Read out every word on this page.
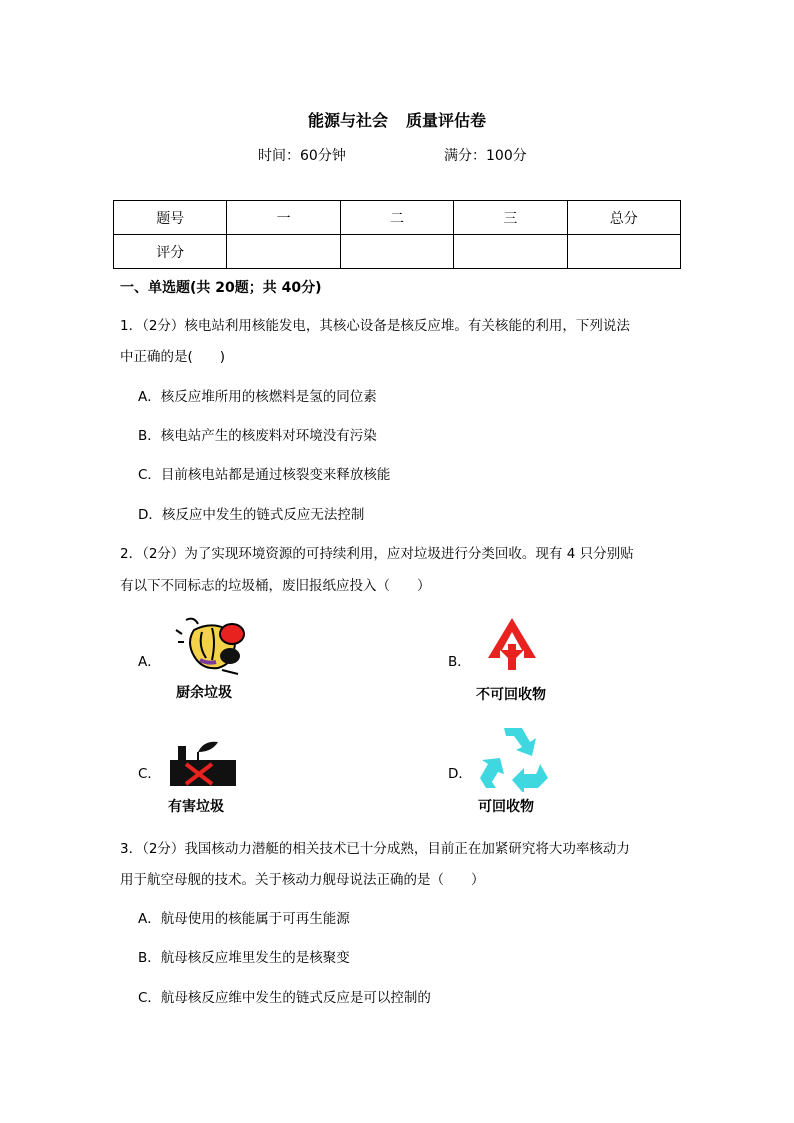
能源与社会 质量评估卷
时间：60分钟	满分：100分
题号	一	二	三	总分
评分				
一、单选题(共 20题；共 40分)
1．（2分）核电站利用核能发电，其核心设备是核反应堆。有关核能的利用，下列说法
中正确的是(　　)
A．核反应堆所用的核燃料是氢的同位素
B．核电站产生的核废料对环境没有污染
C．目前核电站都是通过核裂变来释放核能
D．核反应中发生的链式反应无法控制
2．（2分）为了实现环境资源的可持续利用，应对垃圾进行分类回收。现有 4 只分别贴
有以下不同标志的垃圾桶，废旧报纸应投入（　　）
A．
厨余垃圾
B．
不可回收物
C．
有害垃圾
D．
可回收物
3．（2分）我国核动力潜艇的相关技术已十分成熟，目前正在加紧研究将大功率核动力
用于航空母舰的技术。关于核动力舰母说法正确的是（　　）
A．航母使用的核能属于可再生能源
B．航母核反应堆里发生的是核聚变
C．航母核反应维中发生的链式反应是可以控制的
